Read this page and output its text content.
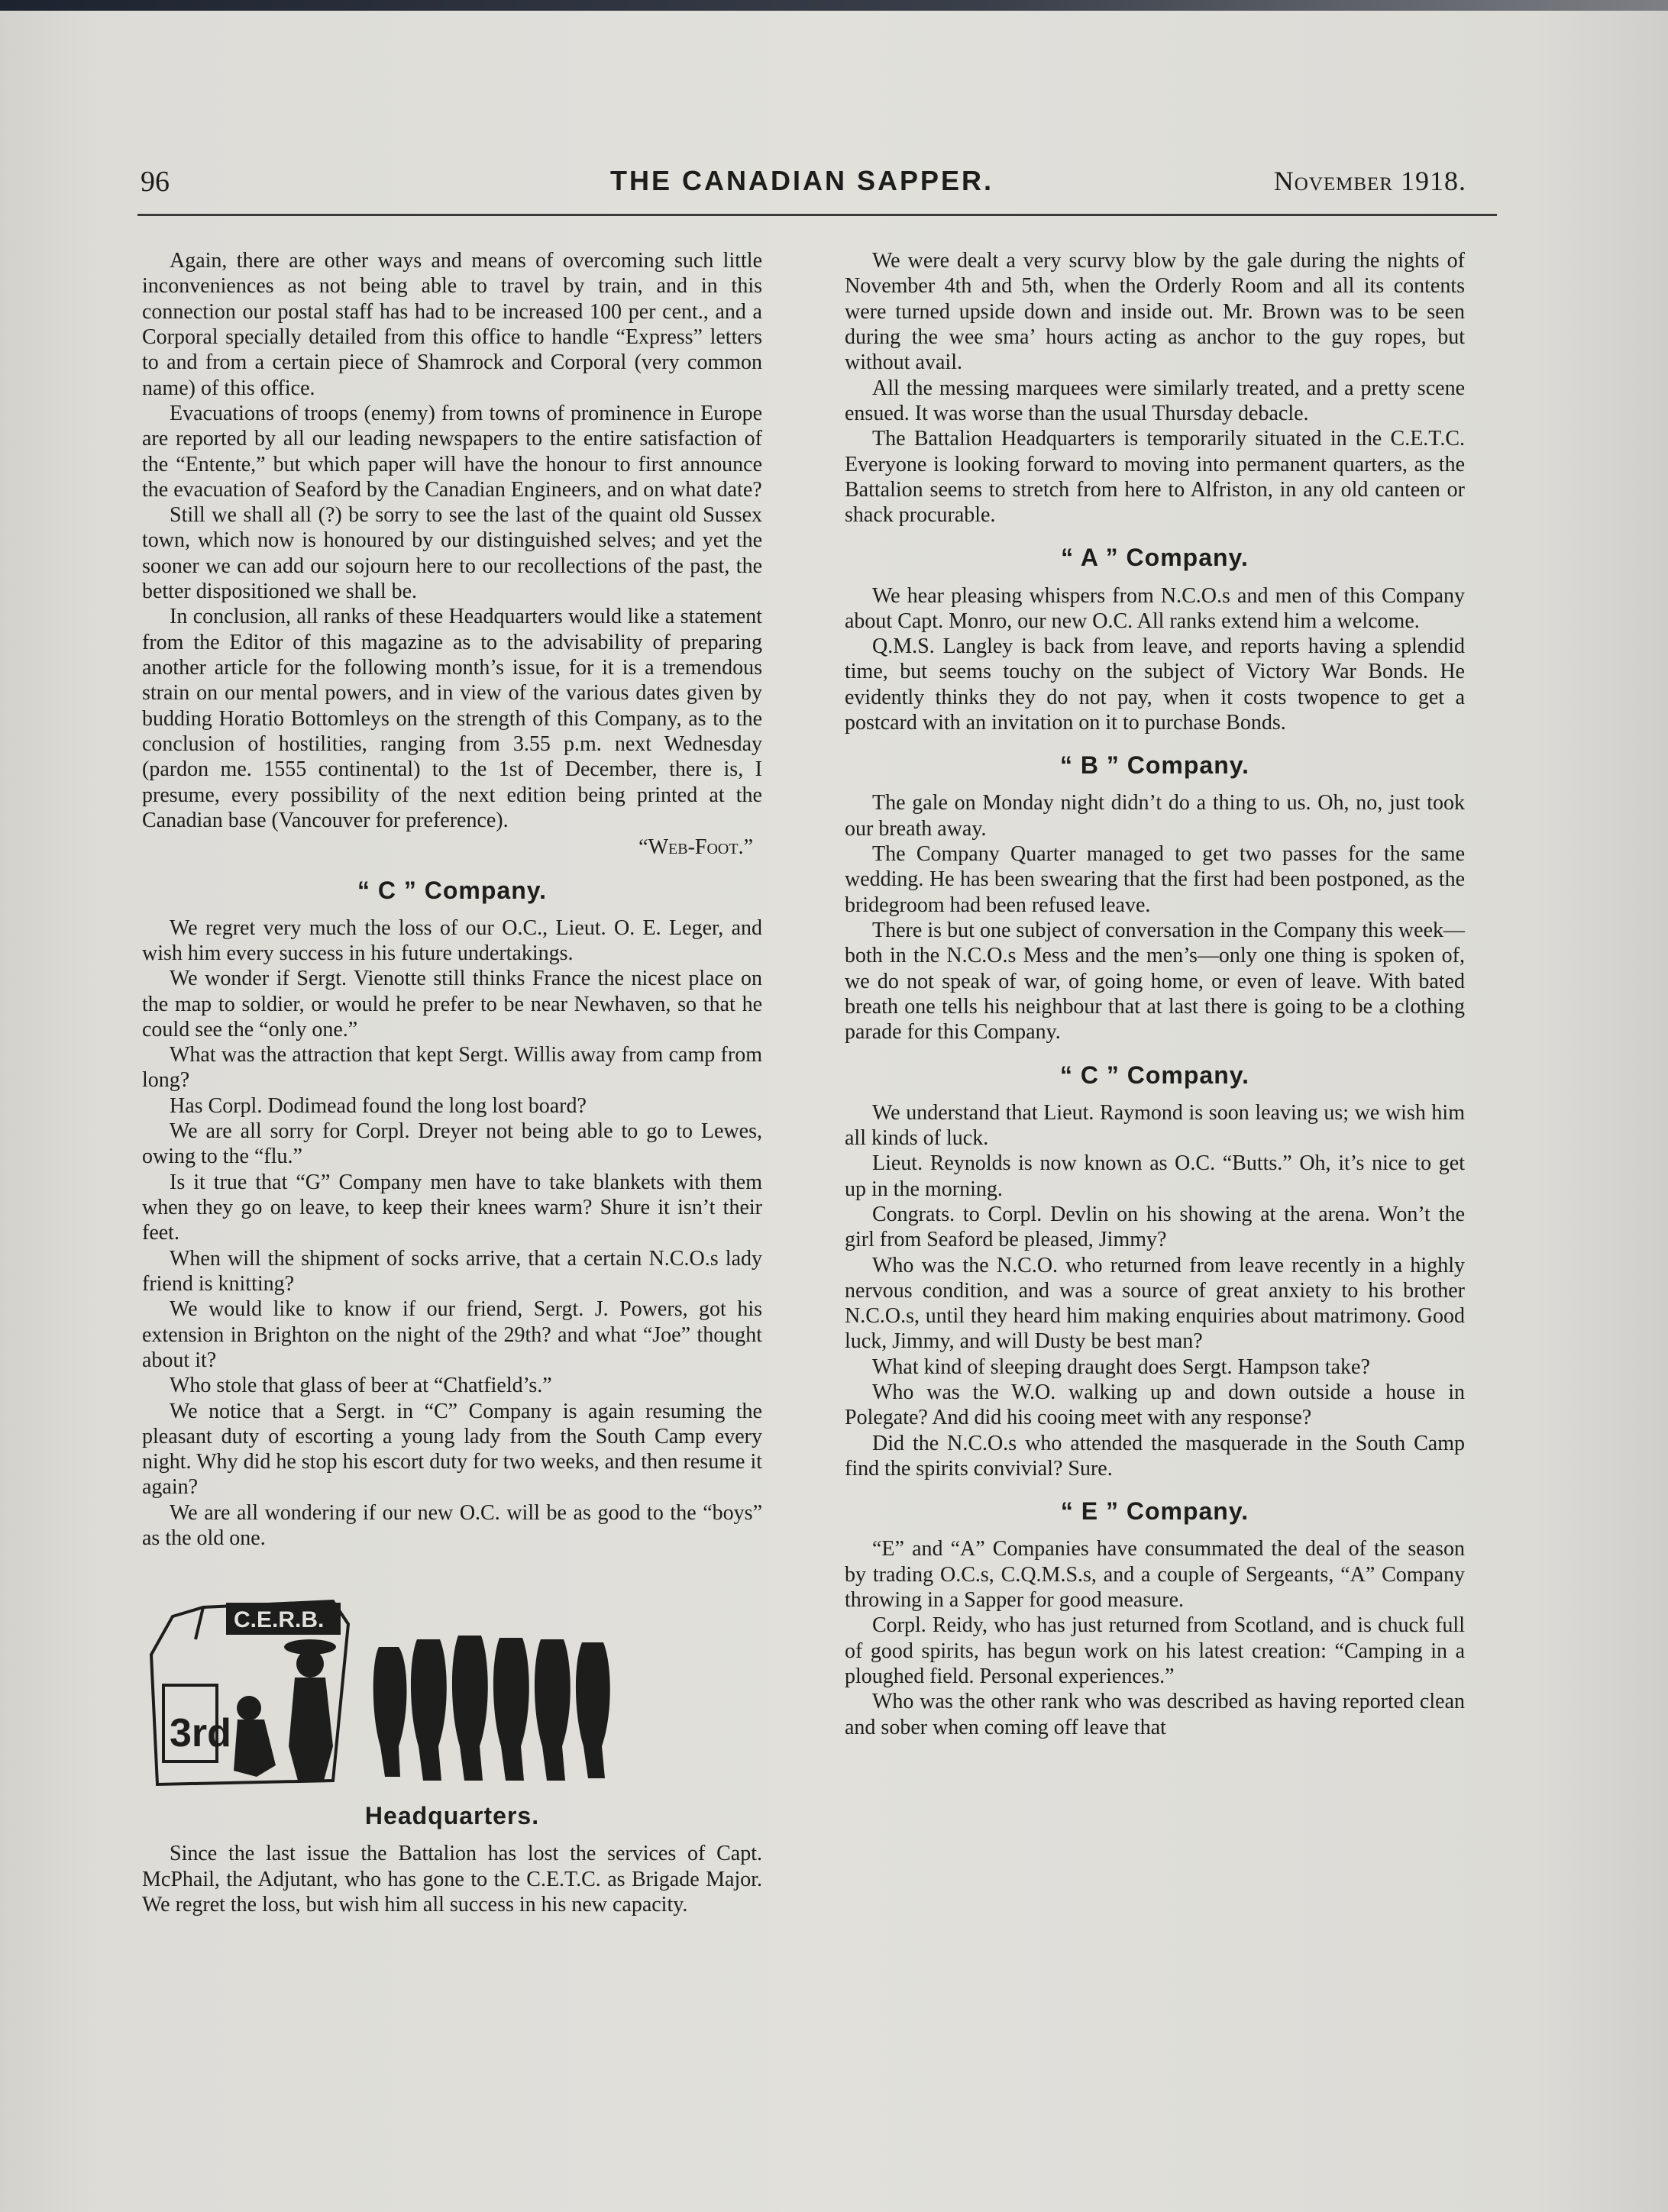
96	THE CANADIAN SAPPER.	November 1918.

Again, there are other ways and means of overcoming such little inconveniences as not being able to travel by train, and in this connection our postal staff has had to be increased 100 per cent., and a Corporal specially detailed from this office to handle “Express” letters to and from a certain piece of Shamrock and Corporal (very common name) of this office.

Evacuations of troops (enemy) from towns of prominence in Europe are reported by all our leading newspapers to the entire satisfaction of the “Entente,” but which paper will have the honour to first announce the evacuation of Seaford by the Canadian Engineers, and on what date?

Still we shall all (?) be sorry to see the last of the quaint old Sussex town, which now is honoured by our distinguished selves; and yet the sooner we can add our sojourn here to our recollections of the past, the better dispositioned we shall be.

In conclusion, all ranks of these Headquarters would like a statement from the Editor of this magazine as to the advisability of preparing another article for the following month’s issue, for it is a tremendous strain on our mental powers, and in view of the various dates given by budding Horatio Bottomleys on the strength of this Company, as to the conclusion of hostilities, ranging from 3.55 p.m. next Wednesday (pardon me. 1555 continental) to the 1st of December, there is, I presume, every possibility of the next edition being printed at the Canadian base (Vancouver for preference).

“Web-Foot.”
“ C ” Company.

We regret very much the loss of our O.C., Lieut. O. E. Leger, and wish him every success in his future undertakings.

We wonder if Sergt. Vienotte still thinks France the nicest place on the map to soldier, or would he prefer to be near Newhaven, so that he could see the “only one.”

What was the attraction that kept Sergt. Willis away from camp from long?

Has Corpl. Dodimead found the long lost board?

We are all sorry for Corpl. Dreyer not being able to go to Lewes, owing to the “flu.”

Is it true that “G” Company men have to take blankets with them when they go on leave, to keep their knees warm? Shure it isn’t their feet.

When will the shipment of socks arrive, that a certain N.C.O.s lady friend is knitting?

We would like to know if our friend, Sergt. J. Powers, got his extension in Brighton on the night of the 29th? and what “Joe” thought about it?

Who stole that glass of beer at “Chatfield’s.”

We notice that a Sergt. in “C” Company is again resuming the pleasant duty of escorting a young lady from the South Camp every night. Why did he stop his escort duty for two weeks, and then resume it again?

We are all wondering if our new O.C. will be as good to the “boys” as the old one.

C.E.R.B.
3rd
Headquarters.

Since the last issue the Battalion has lost the services of Capt. McPhail, the Adjutant, who has gone to the C.E.T.C. as Brigade Major. We regret the loss, but wish him all success in his new capacity.

We were dealt a very scurvy blow by the gale during the nights of November 4th and 5th, when the Orderly Room and all its contents were turned upside down and inside out. Mr. Brown was to be seen during the wee sma’ hours acting as anchor to the guy ropes, but without avail.

All the messing marquees were similarly treated, and a pretty scene ensued. It was worse than the usual Thursday debacle.

The Battalion Headquarters is temporarily situated in the C.E.T.C. Everyone is looking forward to moving into permanent quarters, as the Battalion seems to stretch from here to Alfriston, in any old canteen or shack procurable.

“ A ” Company.

We hear pleasing whispers from N.C.O.s and men of this Company about Capt. Monro, our new O.C. All ranks extend him a welcome.

Q.M.S. Langley is back from leave, and reports having a splendid time, but seems touchy on the subject of Victory War Bonds. He evidently thinks they do not pay, when it costs twopence to get a postcard with an invitation on it to purchase Bonds.

“ B ” Company.

The gale on Monday night didn’t do a thing to us. Oh, no, just took our breath away.

The Company Quarter managed to get two passes for the same wedding. He has been swearing that the first had been postponed, as the bridegroom had been refused leave.

There is but one subject of conversation in the Company this week—both in the N.C.O.s Mess and the men’s—only one thing is spoken of, we do not speak of war, of going home, or even of leave. With bated breath one tells his neighbour that at last there is going to be a clothing parade for this Company.

“ C ” Company.

We understand that Lieut. Raymond is soon leaving us; we wish him all kinds of luck.

Lieut. Reynolds is now known as O.C. “Butts.” Oh, it’s nice to get up in the morning.

Congrats. to Corpl. Devlin on his showing at the arena. Won’t the girl from Seaford be pleased, Jimmy?

Who was the N.C.O. who returned from leave recently in a highly nervous condition, and was a source of great anxiety to his brother N.C.O.s, until they heard him making enquiries about matrimony. Good luck, Jimmy, and will Dusty be best man?

What kind of sleeping draught does Sergt. Hampson take?

Who was the W.O. walking up and down outside a house in Polegate? And did his cooing meet with any response?

Did the N.C.O.s who attended the masquerade in the South Camp find the spirits convivial? Sure.

“ E ” Company.

“E” and “A” Companies have consummated the deal of the season by trading O.C.s, C.Q.M.S.s, and a couple of Sergeants, “A” Company throwing in a Sapper for good measure.

Corpl. Reidy, who has just returned from Scotland, and is chuck full of good spirits, has begun work on his latest creation: “Camping in a ploughed field. Personal experiences.”

Who was the other rank who was described as having reported clean and sober when coming off leave that
